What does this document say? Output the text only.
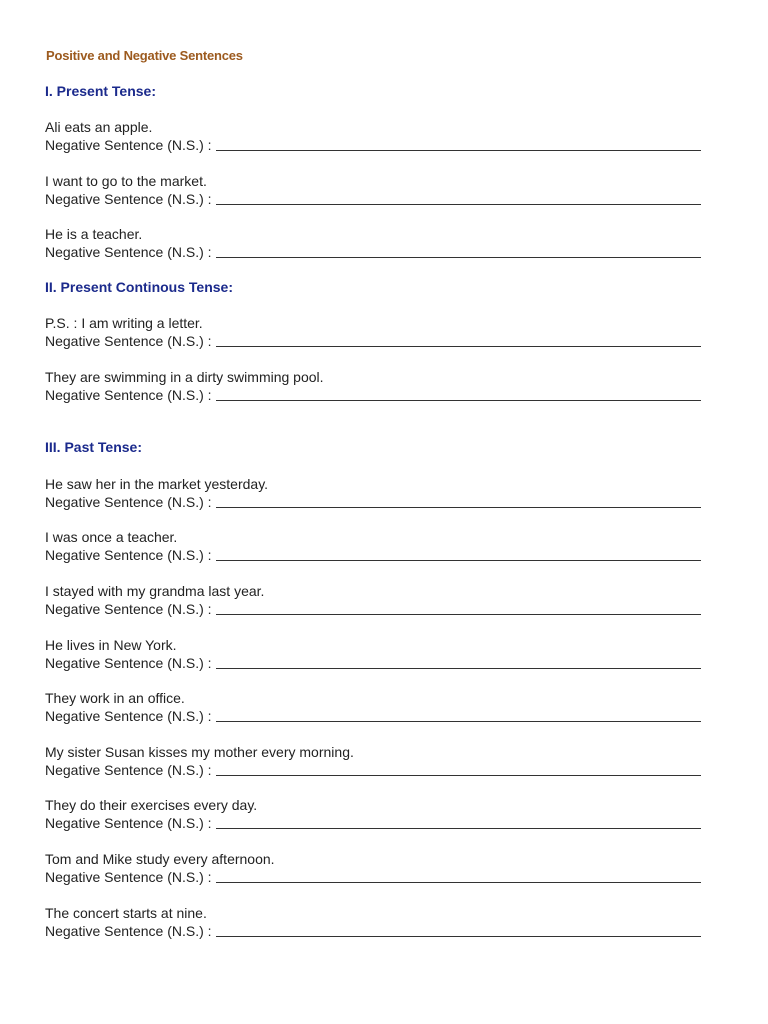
Positive and Negative Sentences
I. Present Tense:
Ali eats an apple.
Negative Sentence (N.S.) :
I want to go to the market.
Negative Sentence (N.S.) :
He is a teacher.
Negative Sentence (N.S.) :
II. Present Continous Tense:
P.S. : I am writing a letter.
Negative Sentence (N.S.) :
They are swimming in a dirty swimming pool.
Negative Sentence (N.S.) :
III. Past Tense:
He saw her in the market yesterday.
Negative Sentence (N.S.) :
I was once a teacher.
Negative Sentence (N.S.) :
I stayed with my grandma last year.
Negative Sentence (N.S.) :
He lives in New York.
Negative Sentence (N.S.) :
They work in an office.
Negative Sentence (N.S.) :
My sister Susan kisses my mother every morning.
Negative Sentence (N.S.) :
They do their exercises every day.
Negative Sentence (N.S.) :
Tom and Mike study every afternoon.
Negative Sentence (N.S.) :
The concert starts at nine.
Negative Sentence (N.S.) :
